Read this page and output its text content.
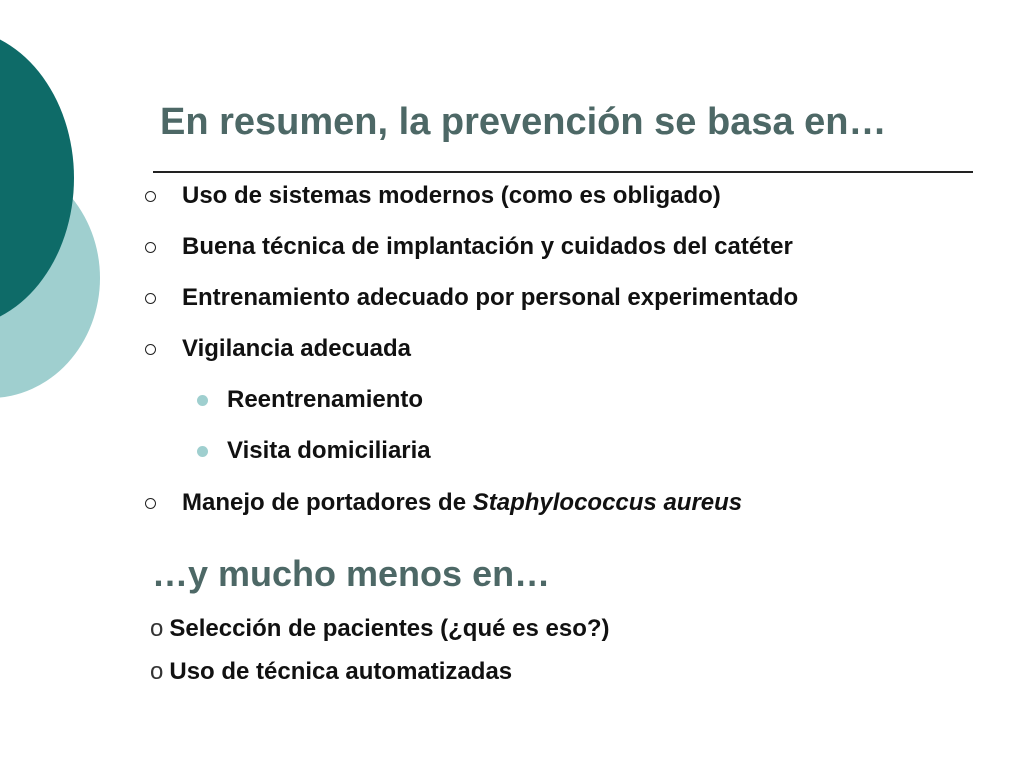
En resumen, la prevención se basa en…
Uso de sistemas modernos (como es obligado)
Buena técnica de implantación y cuidados del catéter
Entrenamiento adecuado por personal experimentado
Vigilancia adecuada
Reentrenamiento
Visita domiciliaria
Manejo de portadores de Staphylococcus aureus
…y mucho menos en…
o Selección de pacientes (¿qué es eso?)
o Uso de técnica automatizadas
